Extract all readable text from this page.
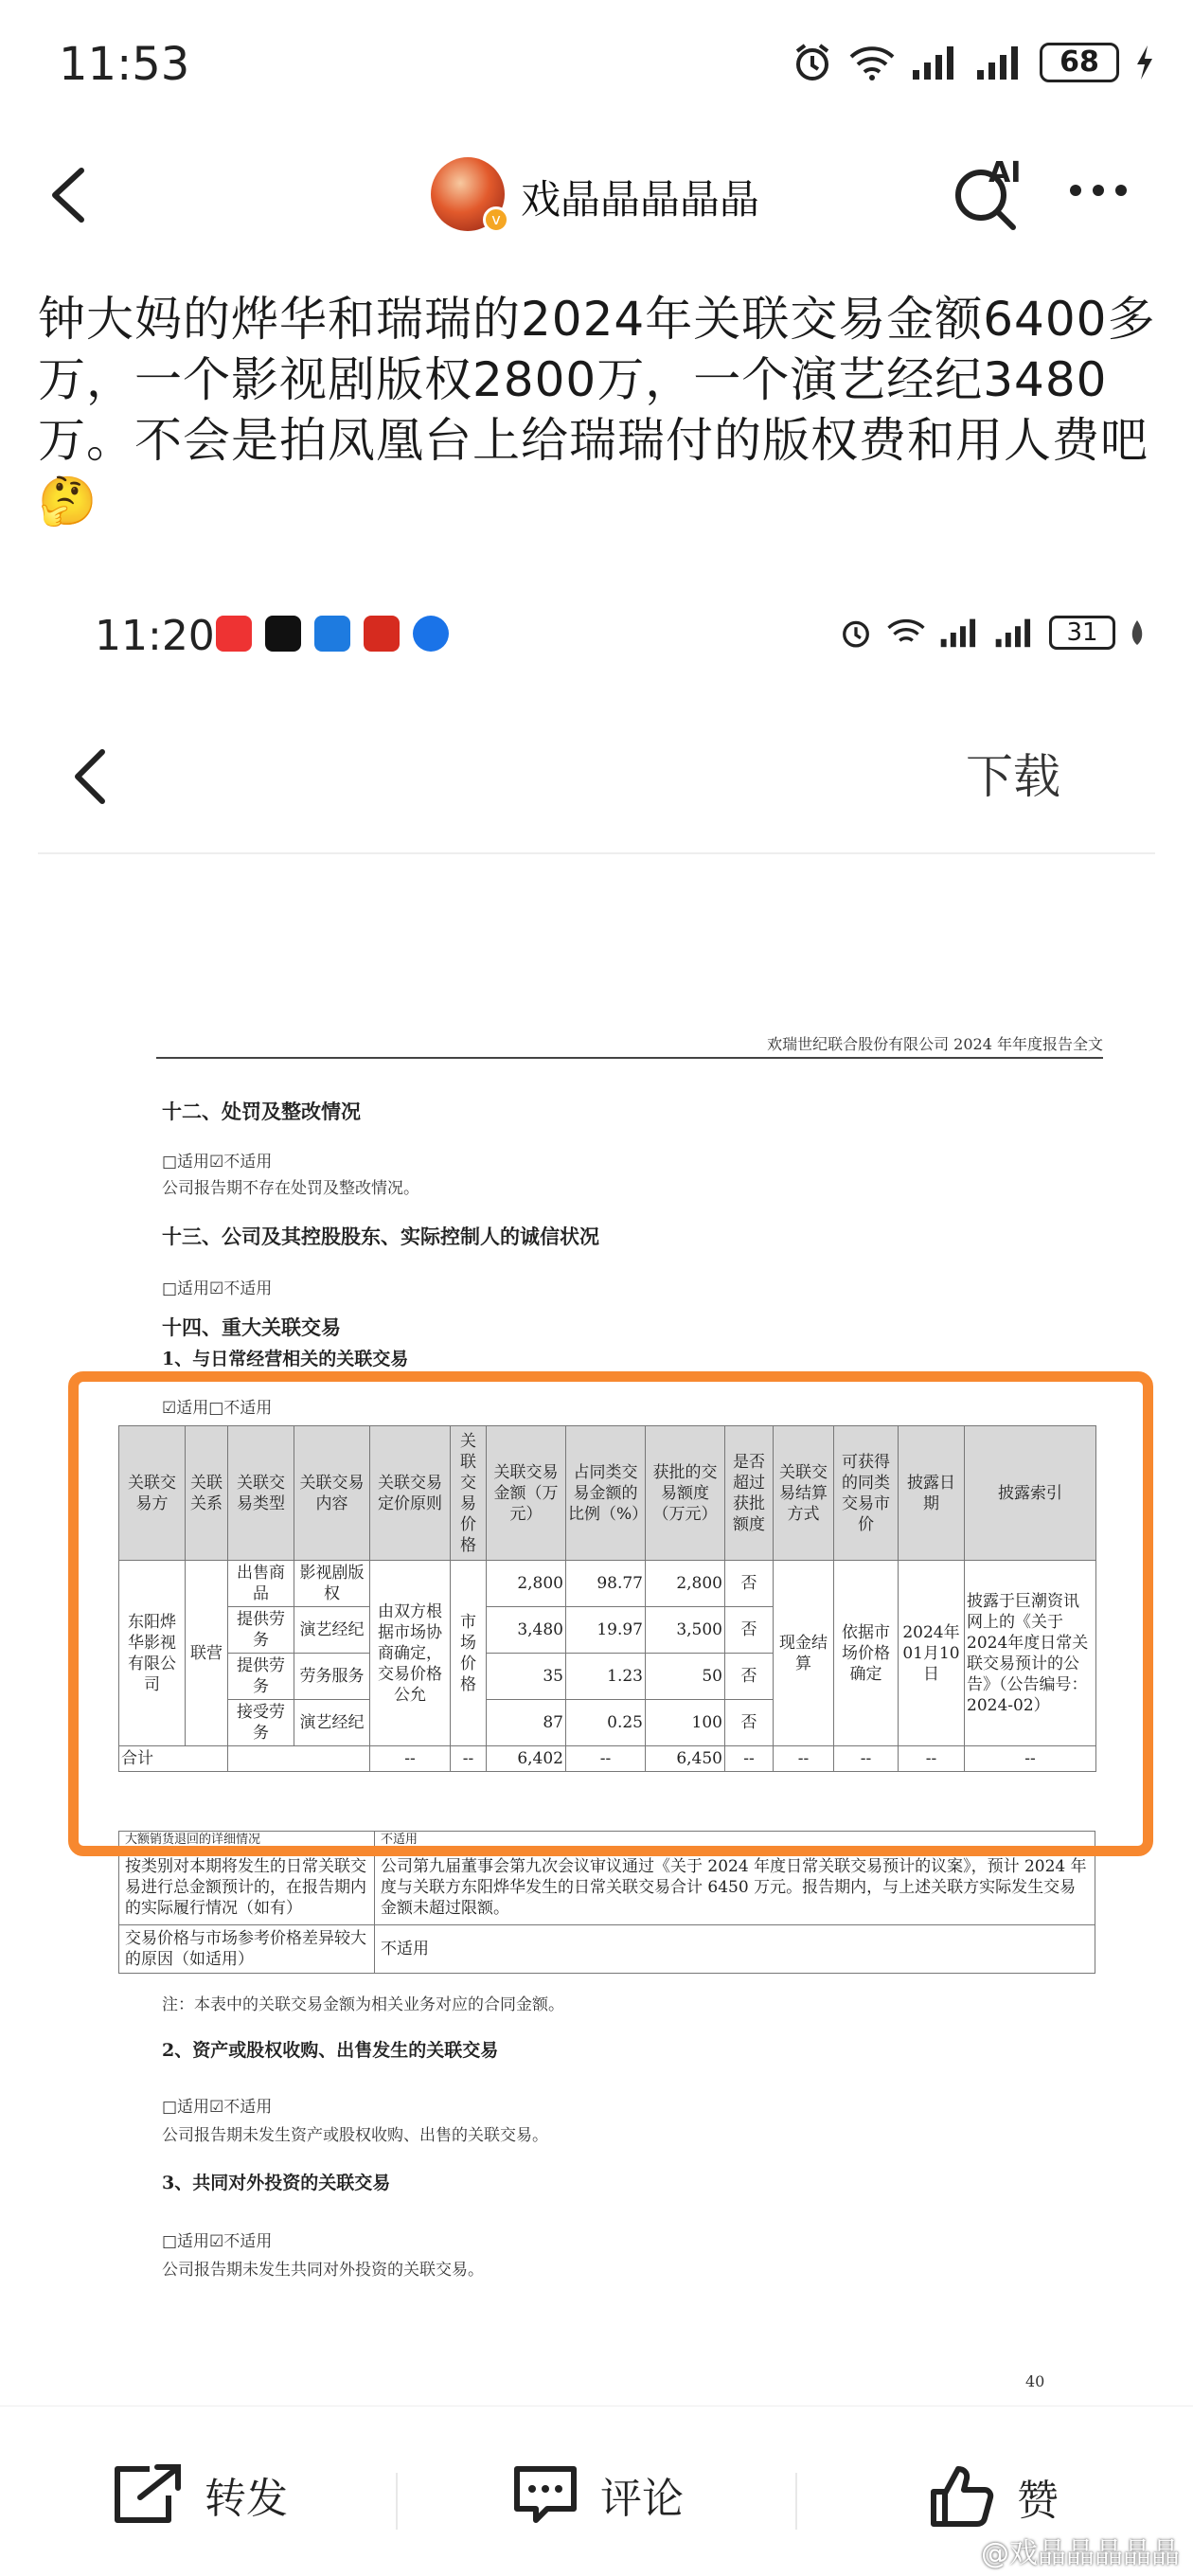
11:53	68
v 戏晶晶晶晶晶
AI
钟大妈的烨华和瑞瑞的2024年关联交易金额6400多万，一个影视剧版权2800万，一个演艺经纪3480万。不会是拍凤凰台上给瑞瑞付的版权费和用人费吧🤔
11:20	31
下载
欢瑞世纪联合股份有限公司 2024 年年度报告全文
十二、处罚及整改情况
□适用☑不适用
公司报告期不存在处罚及整改情况。
十三、公司及其控股股东、实际控制人的诚信状况
□适用☑不适用
十四、重大关联交易
1、与日常经营相关的关联交易
☑适用□不适用
关联交易方	关联关系	关联交易类型	关联交易内容	关联交易定价原则	关联交易价格	关联交易金额（万元）	占同类交易金额的比例（%）	获批的交易额度（万元）	是否超过获批额度	关联交易结算方式	可获得的同类交易市价	披露日期	披露索引
东阳烨华影视有限公司	联营	出售商品	影视剧版权	由双方根据市场协商确定，交易价格公允	市场价格	2,800	98.77	2,800	否	现金结算	依据市场价格确定	2024年01月10日	披露于巨潮资讯网上的《关于2024年度日常关联交易预计的公告》（公告编号：2024-02）
		提供劳务	演艺经纪			3,480	19.97	3,500	否				
		提供劳务	劳务服务			35	1.23	50	否				
		接受劳务	演艺经纪			87	0.25	100	否				
合计				--	--	6,402	--	6,450	--	--	--	--	--
大额销货退回的详细情况	不适用
按类别对本期将发生的日常关联交易进行总金额预计的，在报告期内的实际履行情况（如有）	公司第九届董事会第九次会议审议通过《关于 2024 年度日常关联交易预计的议案》，预计 2024 年度与关联方东阳烨华发生的日常关联交易合计 6450 万元。报告期内，与上述关联方实际发生交易金额未超过限额。
交易价格与市场参考价格差异较大的原因（如适用）	不适用
注：本表中的关联交易金额为相关业务对应的合同金额。
2、资产或股权收购、出售发生的关联交易
□适用☑不适用
公司报告期未发生资产或股权收购、出售的关联交易。
3、共同对外投资的关联交易
□适用☑不适用
公司报告期未发生共同对外投资的关联交易。
40
转发	评论	赞
@戏晶晶晶晶晶
